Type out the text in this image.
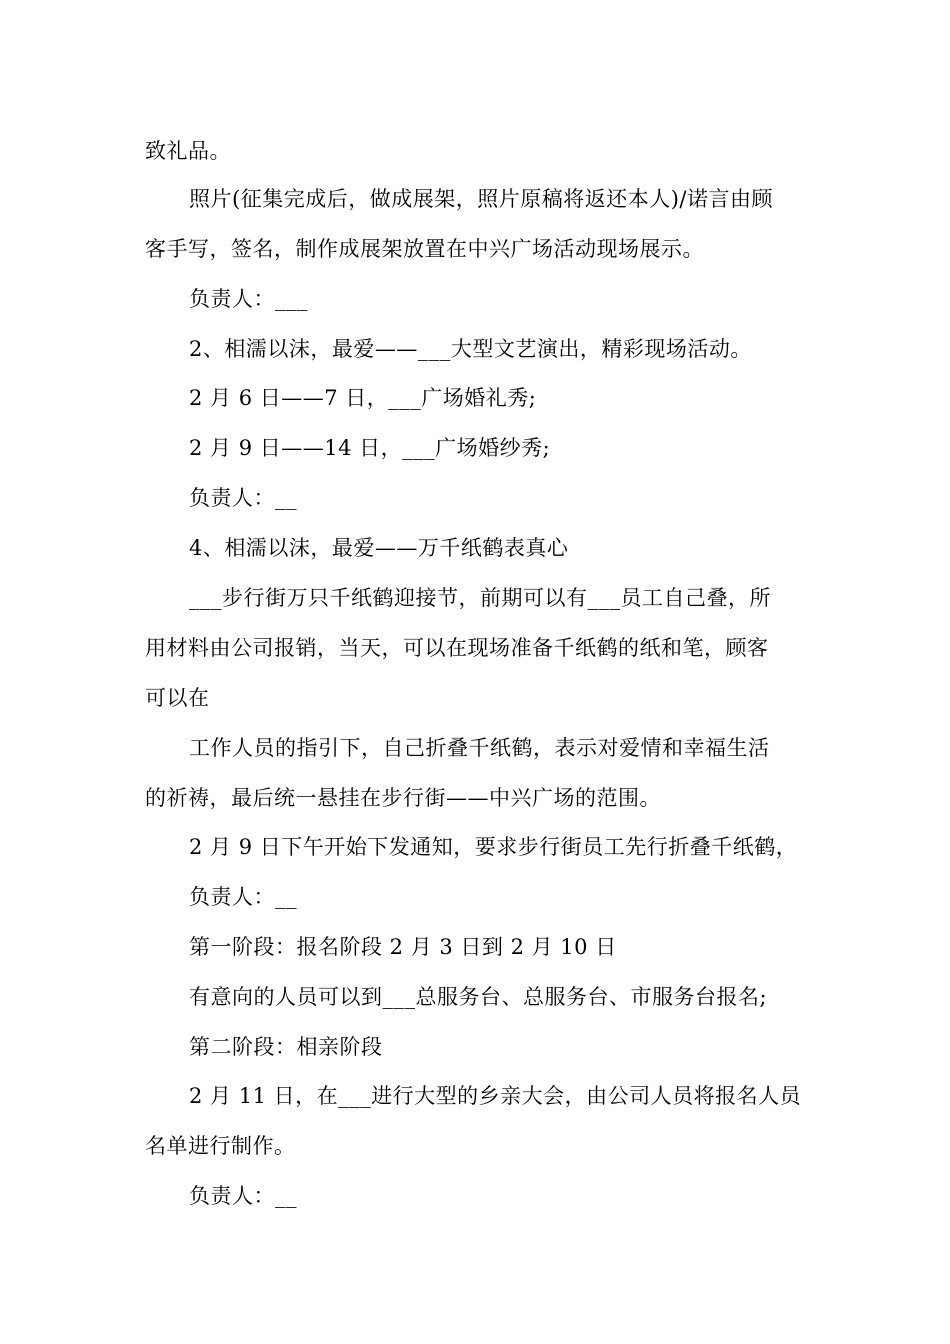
致礼品。
照片(征集完成后，做成展架，照片原稿将返还本人)/诺言由顾
客手写，签名，制作成展架放置在中兴广场活动现场展示。
负责人：___
2、相濡以沫，最爱——___大型文艺演出，精彩现场活动。
2 月 6 日——7 日，___广场婚礼秀;
2 月 9 日——14 日，___广场婚纱秀;
负责人：__
4、相濡以沫，最爱——万千纸鹤表真心
___步行街万只千纸鹤迎接节，前期可以有___员工自己叠，所
用材料由公司报销，当天，可以在现场准备千纸鹤的纸和笔，顾客
可以在
工作人员的指引下，自己折叠千纸鹤，表示对爱情和幸福生活
的祈祷，最后统一悬挂在步行街——中兴广场的范围。
2 月 9 日下午开始下发通知，要求步行街员工先行折叠千纸鹤，
负责人：__
第一阶段：报名阶段 2 月 3 日到 2 月 10 日
有意向的人员可以到___总服务台、总服务台、市服务台报名;
第二阶段：相亲阶段
2 月 11 日，在___进行大型的乡亲大会，由公司人员将报名人员
名单进行制作。
负责人：__
